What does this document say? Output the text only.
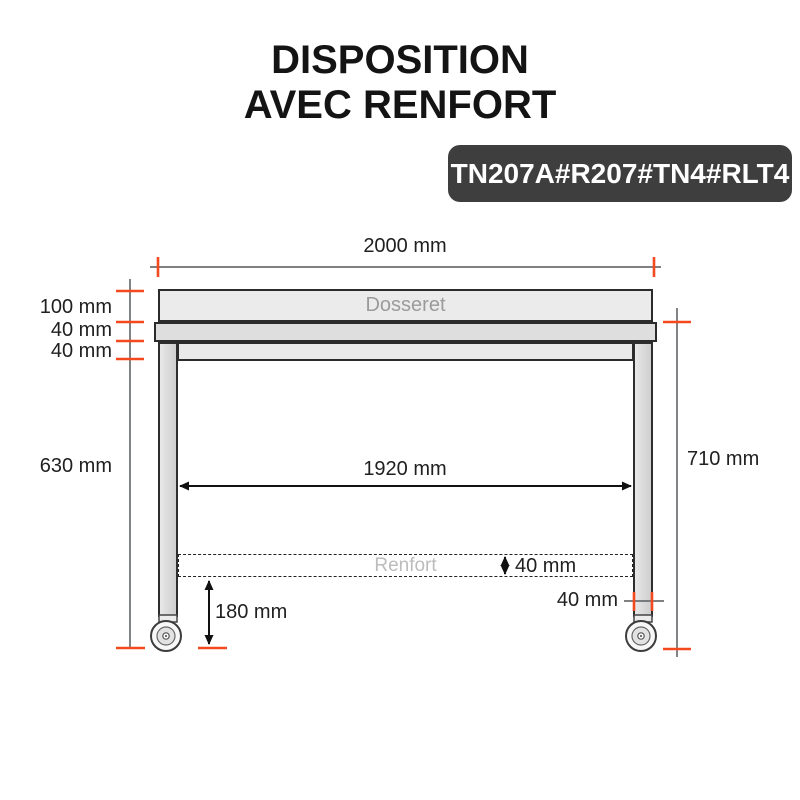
DISPOSITION
AVEC RENFORT
TN207A#R207#TN4#RLT4
Dosseret
Renfort
2000 mm
100 mm
40 mm
40 mm
630 mm	1920 mm	710 mm
40 mm
180 mm
40 mm
